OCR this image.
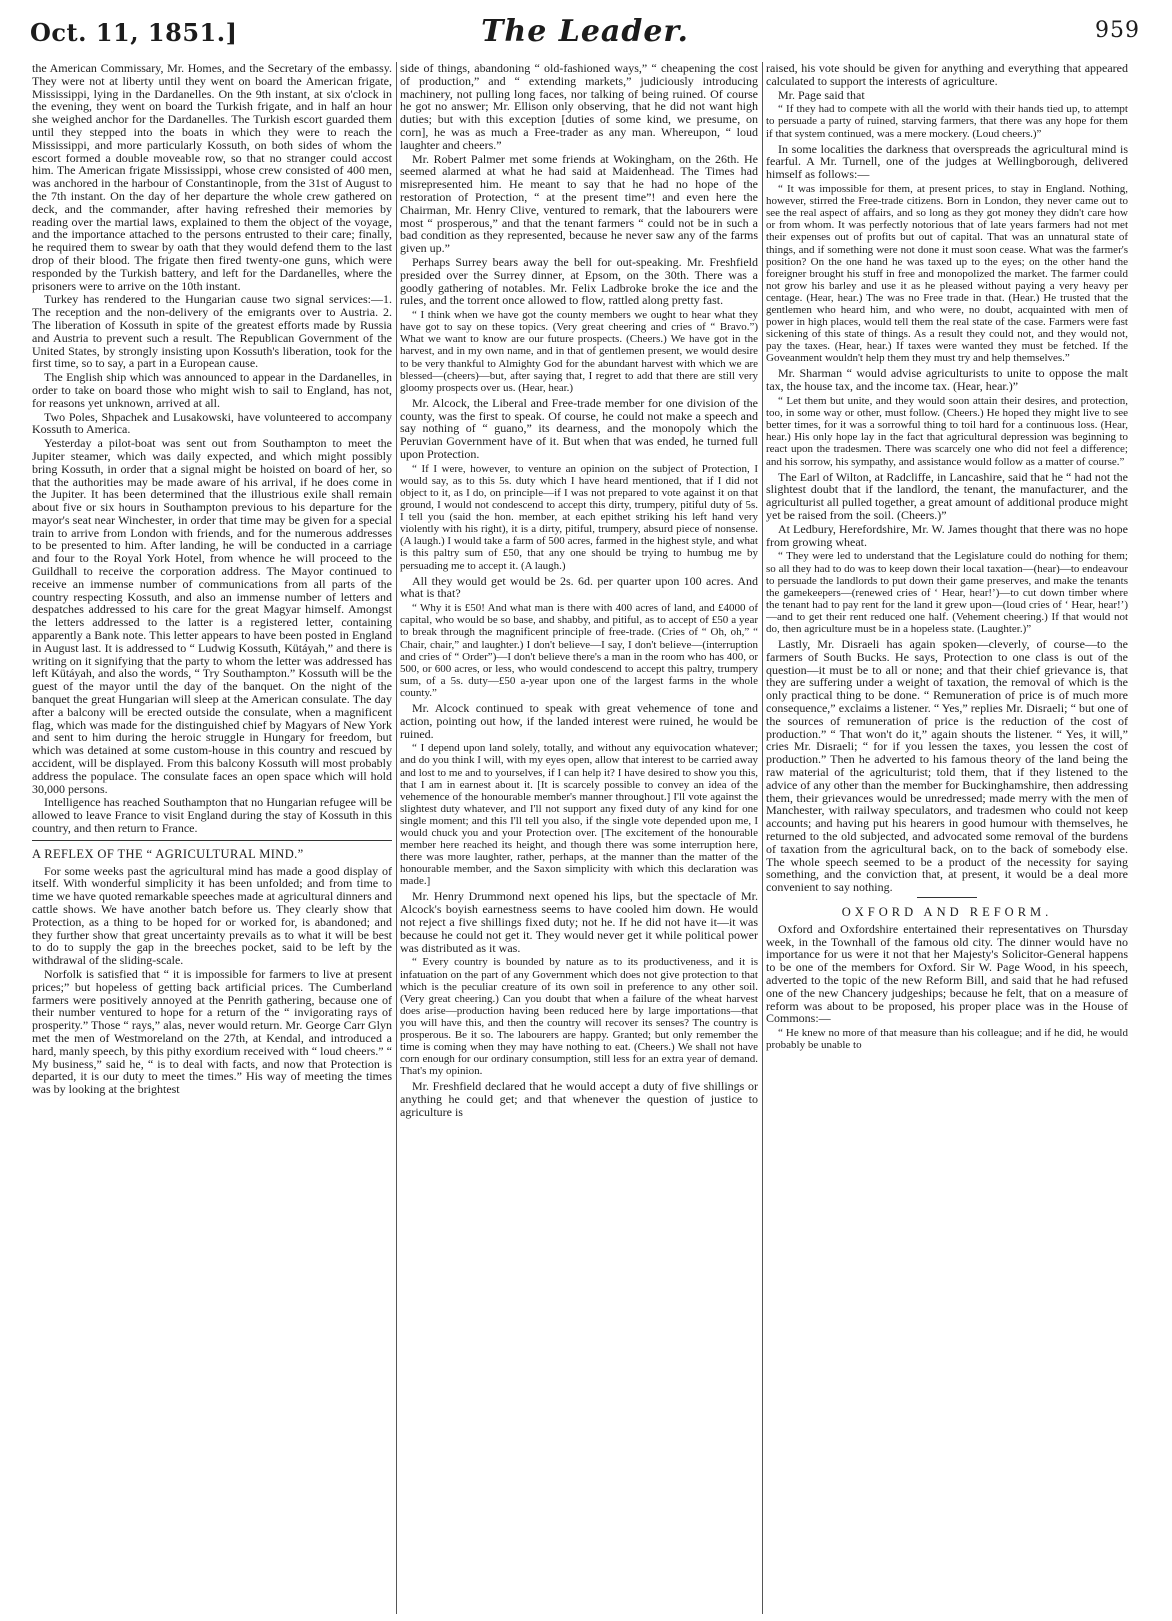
Oct. 11, 1851.]	The Leader.	959

the American Commissary, Mr. Homes, and the Secretary of the embassy. They were not at liberty until they went on board the American frigate, Mississippi, lying in the Dardanelles. On the 9th instant, at six o'clock in the evening, they went on board the Turkish frigate, and in half an hour she weighed anchor for the Dardanelles. The Turkish escort guarded them until they stepped into the boats in which they were to reach the Mississippi, and more particularly Kossuth, on both sides of whom the escort formed a double moveable row, so that no stranger could accost him. The American frigate Mississippi, whose crew consisted of 400 men, was anchored in the harbour of Constantinople, from the 31st of August to the 7th instant. On the day of her departure the whole crew gathered on deck, and the commander, after having refreshed their memories by reading over the martial laws, explained to them the object of the voyage, and the importance attached to the persons entrusted to their care; finally, he required them to swear by oath that they would defend them to the last drop of their blood. The frigate then fired twenty-one guns, which were responded by the Turkish battery, and left for the Dardanelles, where the prisoners were to arrive on the 10th instant.

Turkey has rendered to the Hungarian cause two signal services:—1. The reception and the non-delivery of the emigrants over to Austria. 2. The liberation of Kossuth in spite of the greatest efforts made by Russia and Austria to prevent such a result. The Republican Government of the United States, by strongly insisting upon Kossuth's liberation, took for the first time, so to say, a part in a European cause.

The English ship which was announced to appear in the Dardanelles, in order to take on board those who might wish to sail to England, has not, for reasons yet unknown, arrived at all.

Two Poles, Shpachek and Lusakowski, have volunteered to accompany Kossuth to America.

Yesterday a pilot-boat was sent out from Southampton to meet the Jupiter steamer, which was daily expected, and which might possibly bring Kossuth, in order that a signal might be hoisted on board of her, so that the authorities may be made aware of his arrival, if he does come in the Jupiter. It has been determined that the illustrious exile shall remain about five or six hours in Southampton previous to his departure for the mayor's seat near Winchester, in order that time may be given for a special train to arrive from London with friends, and for the numerous addresses to be presented to him. After landing, he will be conducted in a carriage and four to the Royal York Hotel, from whence he will proceed to the Guildhall to receive the corporation address. The Mayor continued to receive an immense number of communications from all parts of the country respecting Kossuth, and also an immense number of letters and despatches addressed to his care for the great Magyar himself. Amongst the letters addressed to the latter is a registered letter, containing apparently a Bank note. This letter appears to have been posted in England in August last. It is addressed to “ Ludwig Kossuth, Kütáyah,” and there is writing on it signifying that the party to whom the letter was addressed has left Kütáyah, and also the words, “ Try Southampton.” Kossuth will be the guest of the mayor until the day of the banquet. On the night of the banquet the great Hungarian will sleep at the American consulate. The day after a balcony will be erected outside the consulate, when a magnificent flag, which was made for the distinguished chief by Magyars of New York and sent to him during the heroic struggle in Hungary for freedom, but which was detained at some custom-house in this country and rescued by accident, will be displayed. From this balcony Kossuth will most probably address the populace. The consulate faces an open space which will hold 30,000 persons.

Intelligence has reached Southampton that no Hungarian refugee will be allowed to leave France to visit England during the stay of Kossuth in this country, and then return to France.

A REFLEX OF THE “ AGRICULTURAL MIND.”

For some weeks past the agricultural mind has made a good display of itself. With wonderful simplicity it has been unfolded; and from time to time we have quoted remarkable speeches made at agricultural dinners and cattle shows. We have another batch before us. They clearly show that Protection, as a thing to be hoped for or worked for, is abandoned; and they further show that great uncertainty prevails as to what it will be best to do to supply the gap in the breeches pocket, said to be left by the withdrawal of the sliding-scale.

Norfolk is satisfied that “ it is impossible for farmers to live at present prices;” but hopeless of getting back artificial prices. The Cumberland farmers were positively annoyed at the Penrith gathering, because one of their number ventured to hope for a return of the “ invigorating rays of prosperity.” Those “ rays,” alas, never would return. Mr. George Carr Glyn met the men of Westmoreland on the 27th, at Kendal, and introduced a hard, manly speech, by this pithy exordium received with “ loud cheers.” “ My business,” said he, “ is to deal with facts, and now that Protection is departed, it is our duty to meet the times.” His way of meeting the times was by looking at the brightest

side of things, abandoning “ old-fashioned ways,” “ cheapening the cost of production,” and “ extending markets,” judiciously introducing machinery, not pulling long faces, nor talking of being ruined. Of course he got no answer; Mr. Ellison only observing, that he did not want high duties; but with this exception [duties of some kind, we presume, on corn], he was as much a Free-trader as any man. Whereupon, “ loud laughter and cheers.”

Mr. Robert Palmer met some friends at Wokingham, on the 26th. He seemed alarmed at what he had said at Maidenhead. The Times had misrepresented him. He meant to say that he had no hope of the restoration of Protection, “ at the present time”! and even here the Chairman, Mr. Henry Clive, ventured to remark, that the labourers were most “ prosperous,” and that the tenant farmers “ could not be in such a bad condition as they represented, because he never saw any of the farms given up.”

Perhaps Surrey bears away the bell for out-speaking. Mr. Freshfield presided over the Surrey dinner, at Epsom, on the 30th. There was a goodly gathering of notables. Mr. Felix Ladbroke broke the ice and the rules, and the torrent once allowed to flow, rattled along pretty fast.

“ I think when we have got the county members we ought to hear what they have got to say on these topics. (Very great cheering and cries of “ Bravo.”) What we want to know are our future prospects. (Cheers.) We have got in the harvest, and in my own name, and in that of gentlemen present, we would desire to be very thankful to Almighty God for the abundant harvest with which we are blessed—(cheers)—but, after saying that, I regret to add that there are still very gloomy prospects over us. (Hear, hear.)

Mr. Alcock, the Liberal and Free-trade member for one division of the county, was the first to speak. Of course, he could not make a speech and say nothing of “ guano,” its dearness, and the monopoly which the Peruvian Government have of it. But when that was ended, he turned full upon Protection.

“ If I were, however, to venture an opinion on the subject of Protection, I would say, as to this 5s. duty which I have heard mentioned, that if I did not object to it, as I do, on principle—if I was not prepared to vote against it on that ground, I would not condescend to accept this dirty, trumpery, pitiful duty of 5s. I tell you (said the hon. member, at each epithet striking his left hand very violently with his right), it is a dirty, pitiful, trumpery, absurd piece of nonsense. (A laugh.) I would take a farm of 500 acres, farmed in the highest style, and what is this paltry sum of £50, that any one should be trying to humbug me by persuading me to accept it. (A laugh.)

All they would get would be 2s. 6d. per quarter upon 100 acres. And what is that?

“ Why it is £50! And what man is there with 400 acres of land, and £4000 of capital, who would be so base, and shabby, and pitiful, as to accept of £50 a year to break through the magnificent principle of free-trade. (Cries of “ Oh, oh,” “ Chair, chair,” and laughter.) I don't believe—I say, I don't believe—(interruption and cries of “ Order”)—I don't believe there's a man in the room who has 400, or 500, or 600 acres, or less, who would condescend to accept this paltry, trumpery sum, of a 5s. duty—£50 a-year upon one of the largest farms in the whole county.”

Mr. Alcock continued to speak with great vehemence of tone and action, pointing out how, if the landed interest were ruined, he would be ruined.

“ I depend upon land solely, totally, and without any equivocation whatever; and do you think I will, with my eyes open, allow that interest to be carried away and lost to me and to yourselves, if I can help it? I have desired to show you this, that I am in earnest about it. [It is scarcely possible to convey an idea of the vehemence of the honourable member's manner throughout.] I'll vote against the slightest duty whatever, and I'll not support any fixed duty of any kind for one single moment; and this I'll tell you also, if the single vote depended upon me, I would chuck you and your Protection over. [The excitement of the honourable member here reached its height, and though there was some interruption here, there was more laughter, rather, perhaps, at the manner than the matter of the honourable member, and the Saxon simplicity with which this declaration was made.]

Mr. Henry Drummond next opened his lips, but the spectacle of Mr. Alcock's boyish earnestness seems to have cooled him down. He would not reject a five shillings fixed duty; not he. If he did not have it—it was because he could not get it. They would never get it while political power was distributed as it was.

“ Every country is bounded by nature as to its productiveness, and it is infatuation on the part of any Government which does not give protection to that which is the peculiar creature of its own soil in preference to any other soil. (Very great cheering.) Can you doubt that when a failure of the wheat harvest does arise—production having been reduced here by large importations—that you will have this, and then the country will recover its senses? The country is prosperous. Be it so. The labourers are happy. Granted; but only remember the time is coming when they may have nothing to eat. (Cheers.) We shall not have corn enough for our ordinary consumption, still less for an extra year of demand. That's my opinion.

Mr. Freshfield declared that he would accept a duty of five shillings or anything he could get; and that whenever the question of justice to agriculture is

raised, his vote should be given for anything and everything that appeared calculated to support the interests of agriculture.

Mr. Page said that

“ If they had to compete with all the world with their hands tied up, to attempt to persuade a party of ruined, starving farmers, that there was any hope for them if that system continued, was a mere mockery. (Loud cheers.)”

In some localities the darkness that overspreads the agricultural mind is fearful. A Mr. Turnell, one of the judges at Wellingborough, delivered himself as follows:—

“ It was impossible for them, at present prices, to stay in England. Nothing, however, stirred the Free-trade citizens. Born in London, they never came out to see the real aspect of affairs, and so long as they got money they didn't care how or from whom. It was perfectly notorious that of late years farmers had not met their expenses out of profits but out of capital. That was an unnatural state of things, and if something were not done it must soon cease. What was the farmer's position? On the one hand he was taxed up to the eyes; on the other hand the foreigner brought his stuff in free and monopolized the market. The farmer could not grow his barley and use it as he pleased without paying a very heavy per centage. (Hear, hear.) The was no Free trade in that. (Hear.) He trusted that the gentlemen who heard him, and who were, no doubt, acquainted with men of power in high places, would tell them the real state of the case. Farmers were fast sickening of this state of things. As a result they could not, and they would not, pay the taxes. (Hear, hear.) If taxes were wanted they must be fetched. If the Goveanment wouldn't help them they must try and help themselves.”

Mr. Sharman “ would advise agriculturists to unite to oppose the malt tax, the house tax, and the income tax. (Hear, hear.)”

“ Let them but unite, and they would soon attain their desires, and protection, too, in some way or other, must follow. (Cheers.) He hoped they might live to see better times, for it was a sorrowful thing to toil hard for a continuous loss. (Hear, hear.) His only hope lay in the fact that agricultural depression was beginning to react upon the tradesmen. There was scarcely one who did not feel a difference; and his sorrow, his sympathy, and assistance would follow as a matter of course.”

The Earl of Wilton, at Radcliffe, in Lancashire, said that he “ had not the slightest doubt that if the landlord, the tenant, the manufacturer, and the agriculturist all pulled together, a great amount of additional produce might yet be raised from the soil. (Cheers.)”

At Ledbury, Herefordshire, Mr. W. James thought that there was no hope from growing wheat.

“ They were led to understand that the Legislature could do nothing for them; so all they had to do was to keep down their local taxation—(hear)—to endeavour to persuade the landlords to put down their game preserves, and make the tenants the gamekeepers—(renewed cries of ‘ Hear, hear!’)—to cut down timber where the tenant had to pay rent for the land it grew upon—(loud cries of ‘ Hear, hear!’)—and to get their rent reduced one half. (Vehement cheering.) If that would not do, then agriculture must be in a hopeless state. (Laughter.)”

Lastly, Mr. Disraeli has again spoken—cleverly, of course—to the farmers of South Bucks. He says, Protection to one class is out of the question—it must be to all or none; and that their chief grievance is, that they are suffering under a weight of taxation, the removal of which is the only practical thing to be done. “ Remuneration of price is of much more consequence,” exclaims a listener. “ Yes,” replies Mr. Disraeli; “ but one of the sources of remuneration of price is the reduction of the cost of production.” “ That won't do it,” again shouts the listener. “ Yes, it will,” cries Mr. Disraeli; “ for if you lessen the taxes, you lessen the cost of production.” Then he adverted to his famous theory of the land being the raw material of the agriculturist; told them, that if they listened to the advice of any other than the member for Buckinghamshire, then addressing them, their grievances would be unredressed; made merry with the men of Manchester, with railway speculators, and tradesmen who could not keep accounts; and having put his hearers in good humour with themselves, he returned to the old subjected, and advocated some removal of the burdens of taxation from the agricultural back, on to the back of somebody else. The whole speech seemed to be a product of the necessity for saying something, and the conviction that, at present, it would be a deal more convenient to say nothing.

OXFORD AND REFORM.

Oxford and Oxfordshire entertained their representatives on Thursday week, in the Townhall of the famous old city. The dinner would have no importance for us were it not that her Majesty's Solicitor-General happens to be one of the members for Oxford. Sir W. Page Wood, in his speech, adverted to the topic of the new Reform Bill, and said that he had refused one of the new Chancery judgeships; because he felt, that on a measure of reform was about to be proposed, his proper place was in the House of Commons:—

“ He knew no more of that measure than his colleague; and if he did, he would probably be unable to
